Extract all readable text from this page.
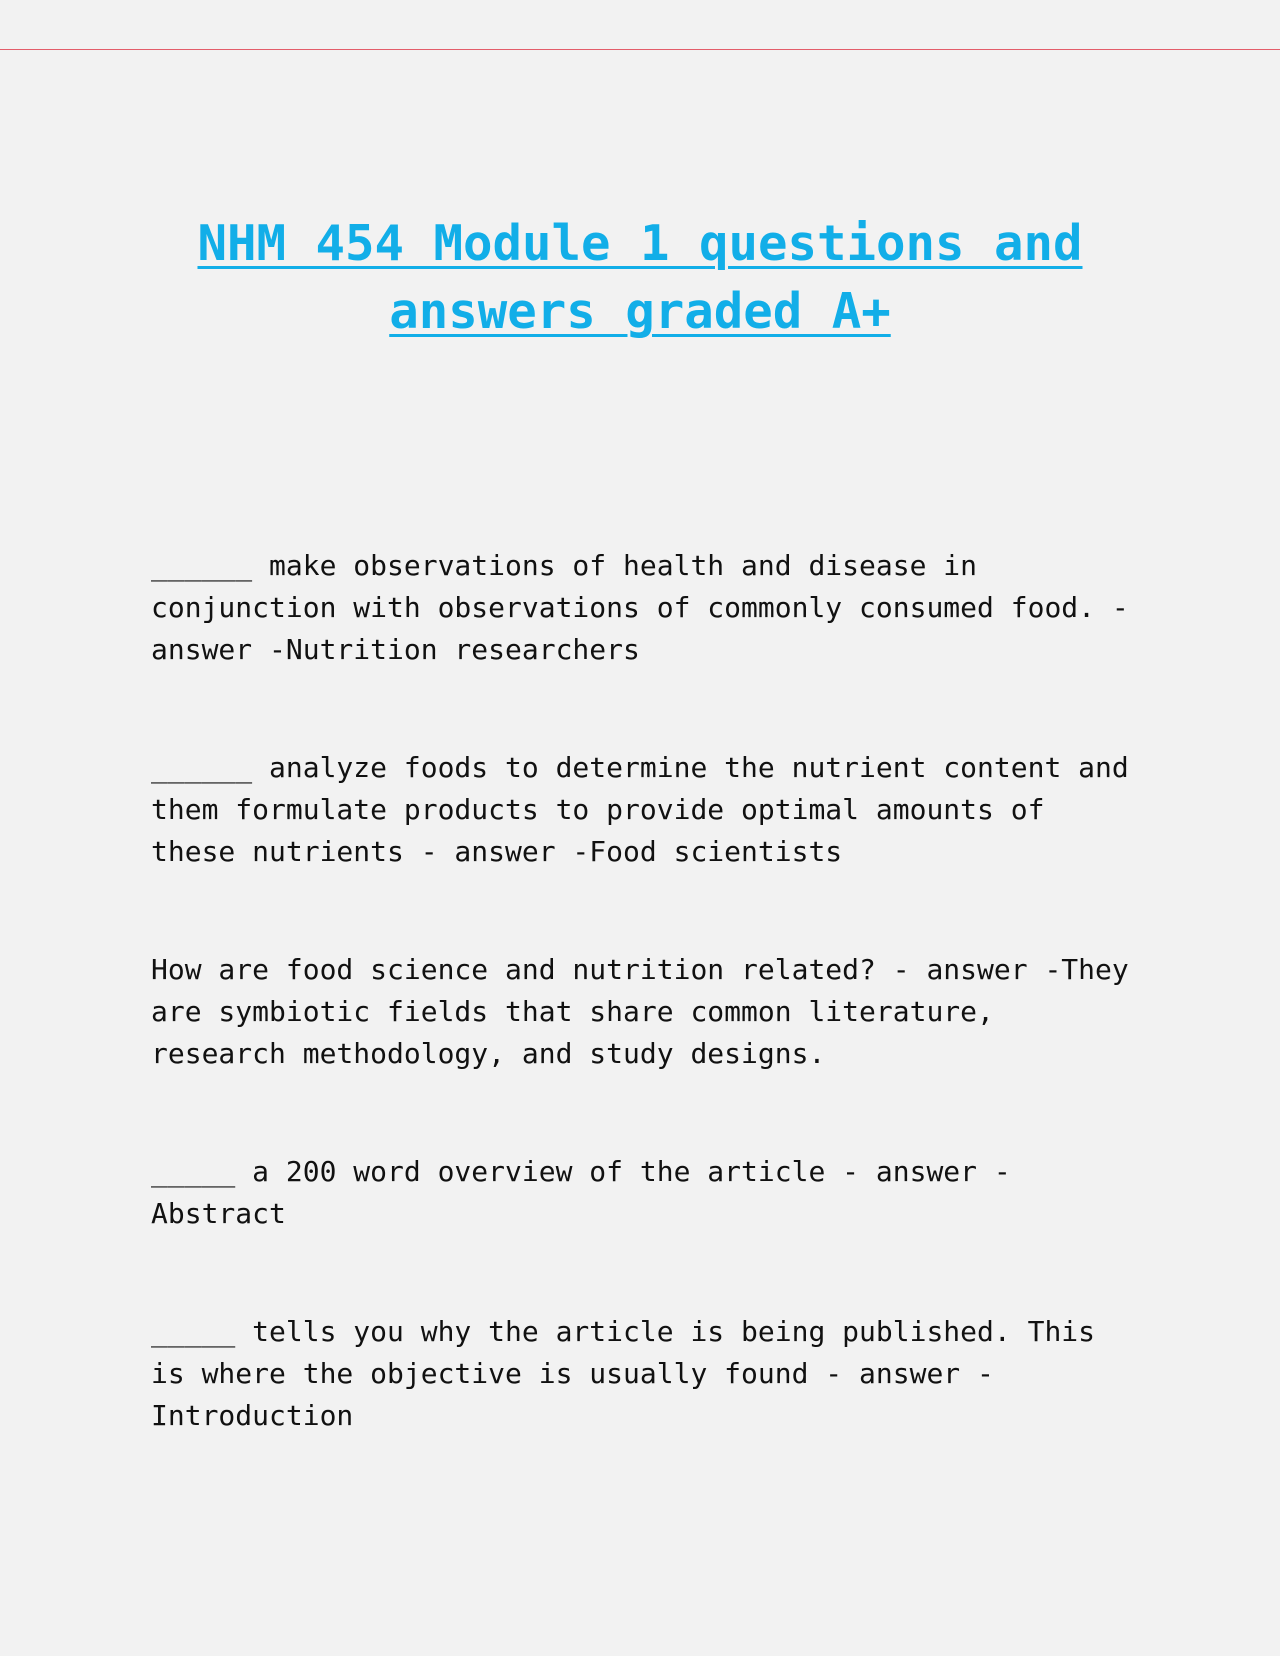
NHM 454 Module 1 questions and
answers graded A+

______ make observations of health and disease in conjunction with observations of commonly consumed food. - answer -Nutrition researchers

______ analyze foods to determine the nutrient content and them formulate products to provide optimal amounts of these nutrients - answer -Food scientists

How are food science and nutrition related? - answer -They are symbiotic fields that share common literature, research methodology, and study designs.

_____ a 200 word overview of the article - answer -Abstract

_____ tells you why the article is being published. This is where the objective is usually found - answer -Introduction
